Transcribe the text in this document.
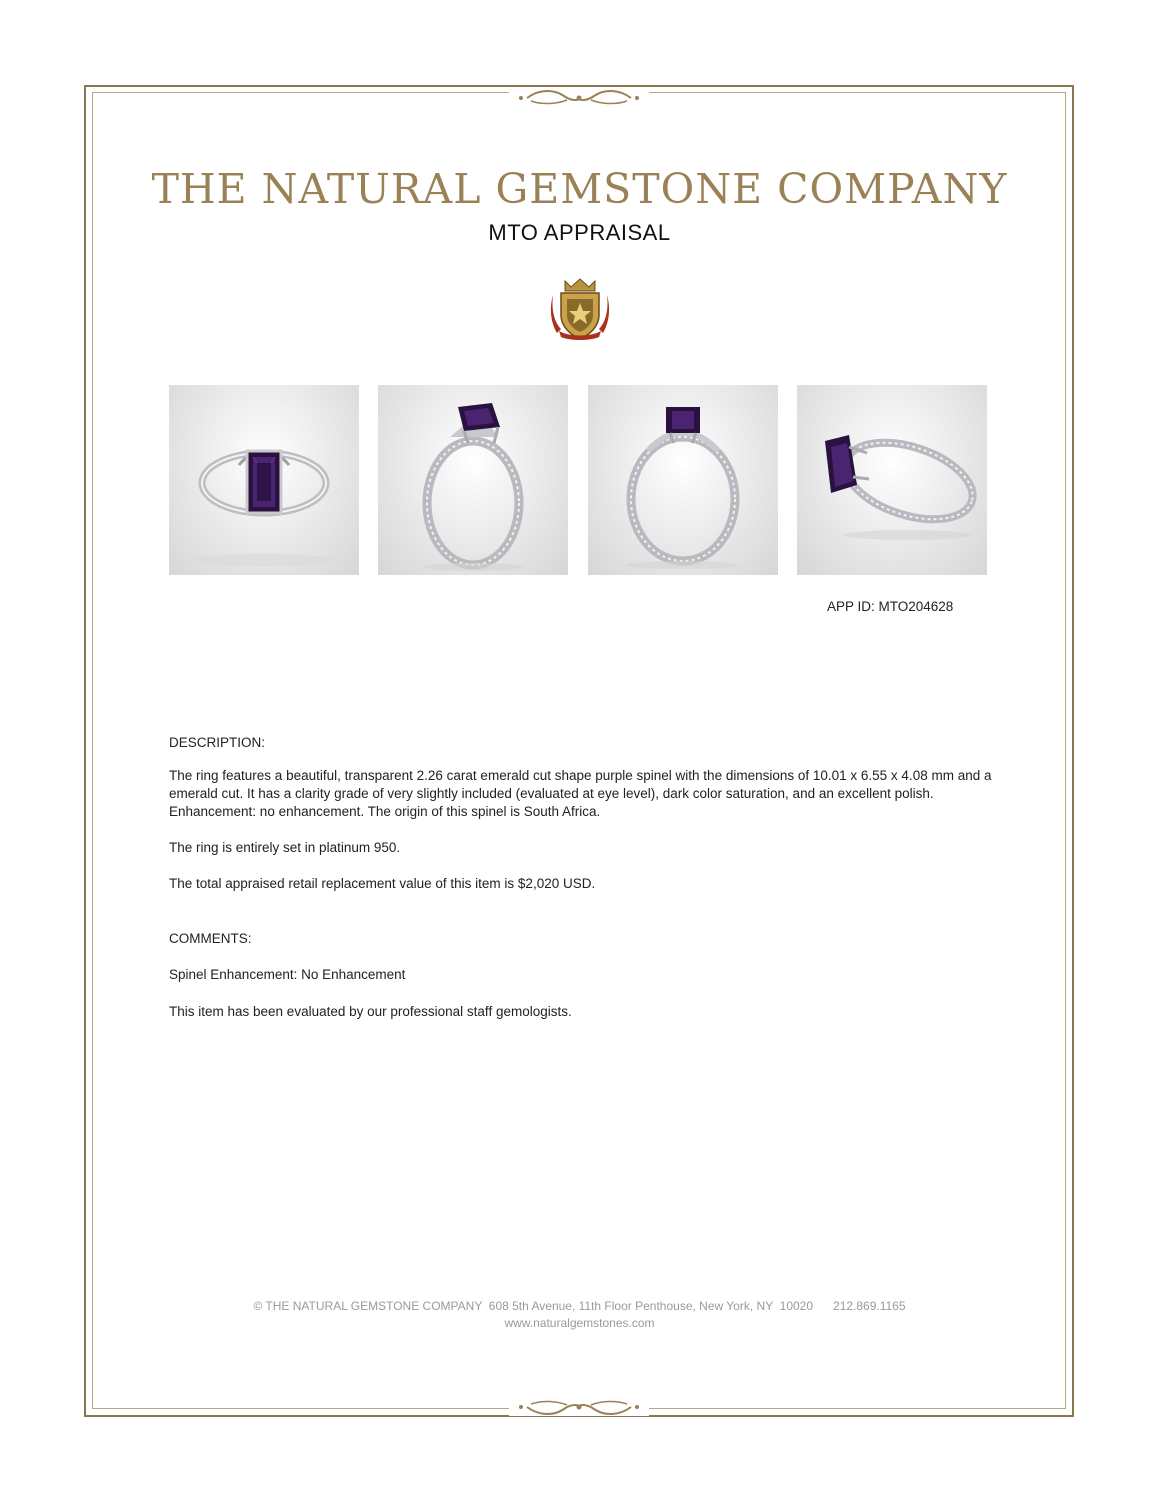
THE NATURAL GEMSTONE COMPANY
MTO APPRAISAL
APP ID: MTO204628
DESCRIPTION:
The ring features a beautiful, transparent 2.26 carat emerald cut shape purple spinel with the dimensions of 10.01 x 6.55 x 4.08 mm and a emerald cut. It has a clarity grade of very slightly included (evaluated at eye level), dark color saturation, and an excellent polish. Enhancement: no enhancement. The origin of this spinel is South Africa.
The ring is entirely set in platinum 950.
The total appraised retail replacement value of this item is $2,020 USD.
COMMENTS:
Spinel Enhancement: No Enhancement
This item has been evaluated by our professional staff gemologists.
© THE NATURAL GEMSTONE COMPANY  608 5th Avenue, 11th Floor Penthouse, New York, NY  10020      212.869.1165
www.naturalgemstones.com
